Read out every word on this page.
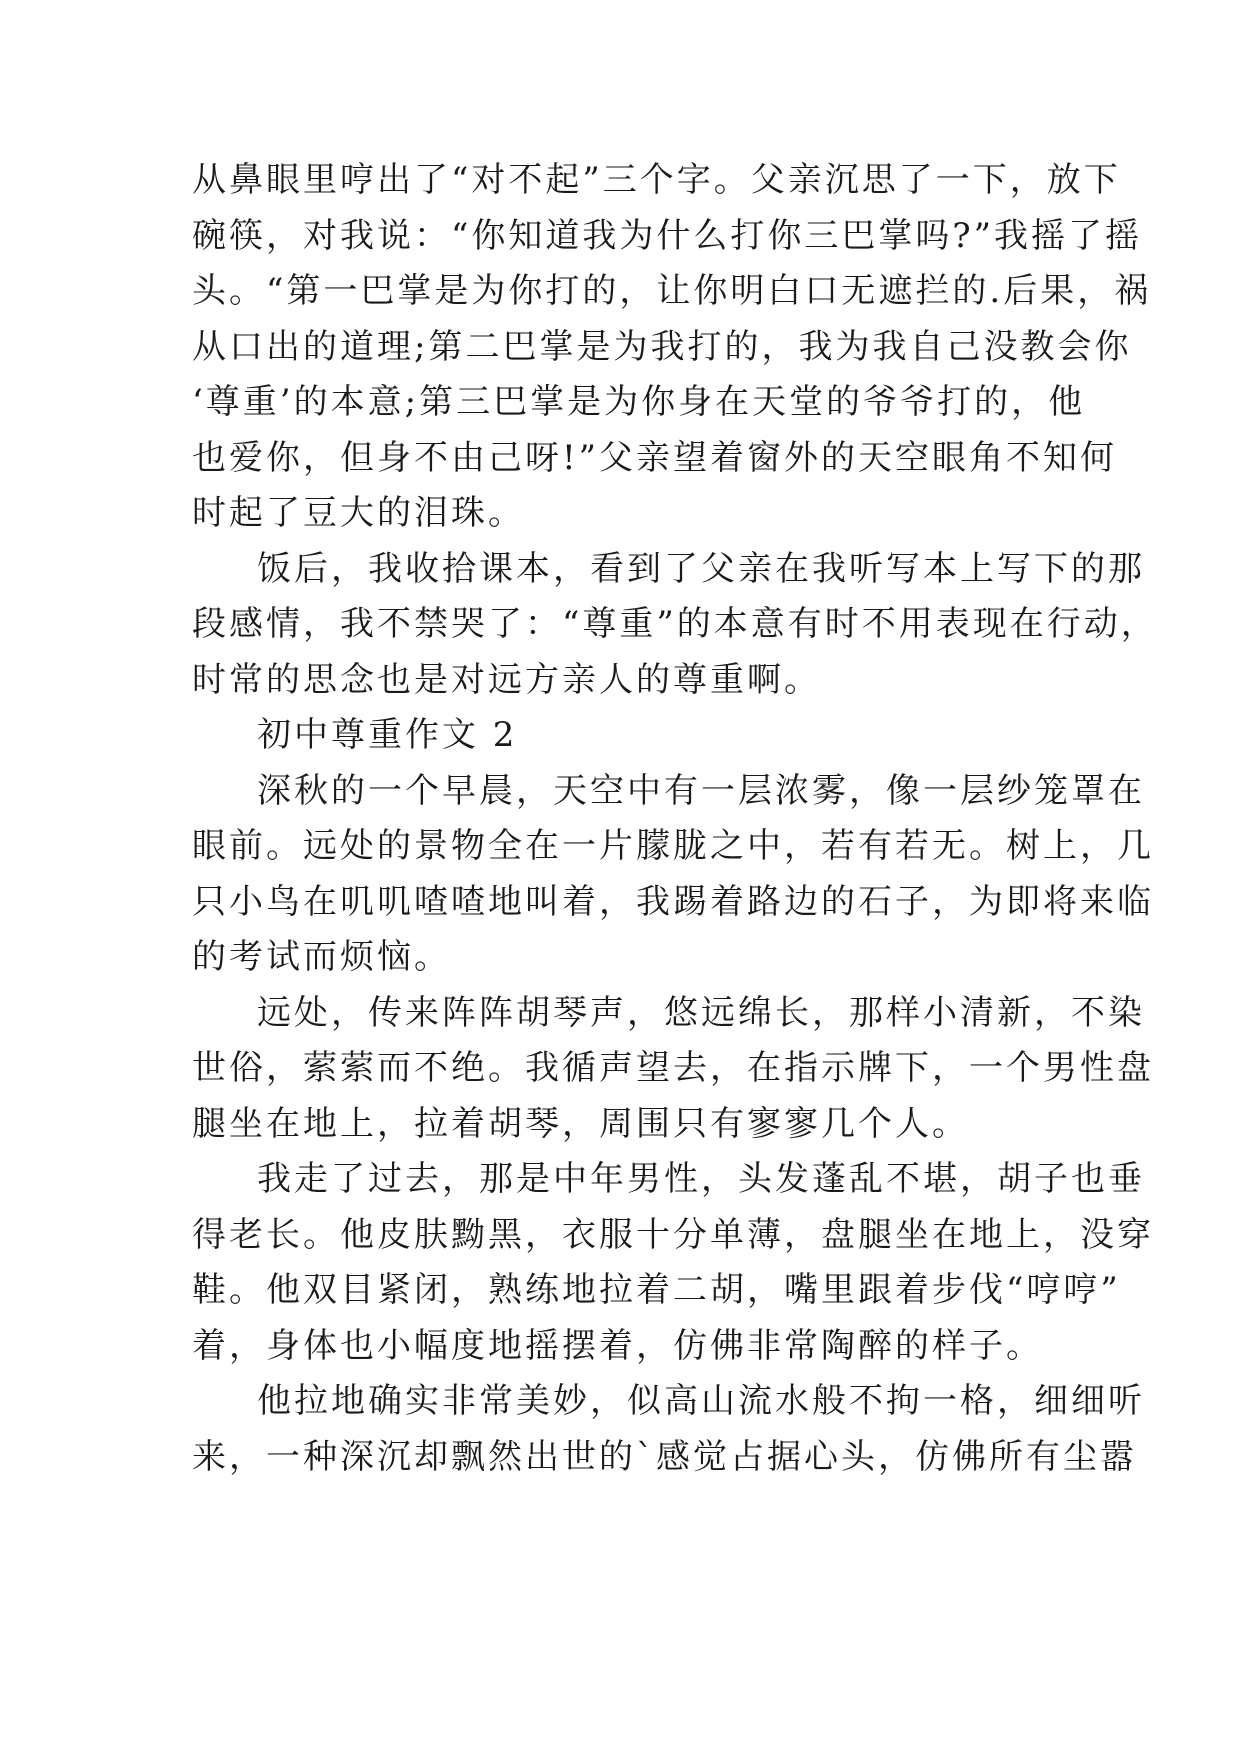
从鼻眼里哼出了“对不起”三个字。父亲沉思了一下，放下
碗筷，对我说：“你知道我为什么打你三巴掌吗?”我摇了摇
头。“第一巴掌是为你打的，让你明白口无遮拦的.后果，祸
从口出的道理;第二巴掌是为我打的，我为我自己没教会你
‘尊重’的本意;第三巴掌是为你身在天堂的爷爷打的，他
也爱你，但身不由己呀!”父亲望着窗外的天空眼角不知何
时起了豆大的泪珠。
饭后，我收拾课本，看到了父亲在我听写本上写下的那
段感情，我不禁哭了：“尊重”的本意有时不用表现在行动，
时常的思念也是对远方亲人的尊重啊。
初中尊重作文 2
深秋的一个早晨，天空中有一层浓雾，像一层纱笼罩在
眼前。远处的景物全在一片朦胧之中，若有若无。树上，几
只小鸟在叽叽喳喳地叫着，我踢着路边的石子，为即将来临
的考试而烦恼。
远处，传来阵阵胡琴声，悠远绵长，那样小清新，不染
世俗，萦萦而不绝。我循声望去，在指示牌下，一个男性盘
腿坐在地上，拉着胡琴，周围只有寥寥几个人。
我走了过去，那是中年男性，头发蓬乱不堪，胡子也垂
得老长。他皮肤黝黑，衣服十分单薄，盘腿坐在地上，没穿
鞋。他双目紧闭，熟练地拉着二胡，嘴里跟着步伐“哼哼”
着，身体也小幅度地摇摆着，仿佛非常陶醉的样子。
他拉地确实非常美妙，似高山流水般不拘一格，细细听
来，一种深沉却飘然出世的`感觉占据心头，仿佛所有尘嚣
